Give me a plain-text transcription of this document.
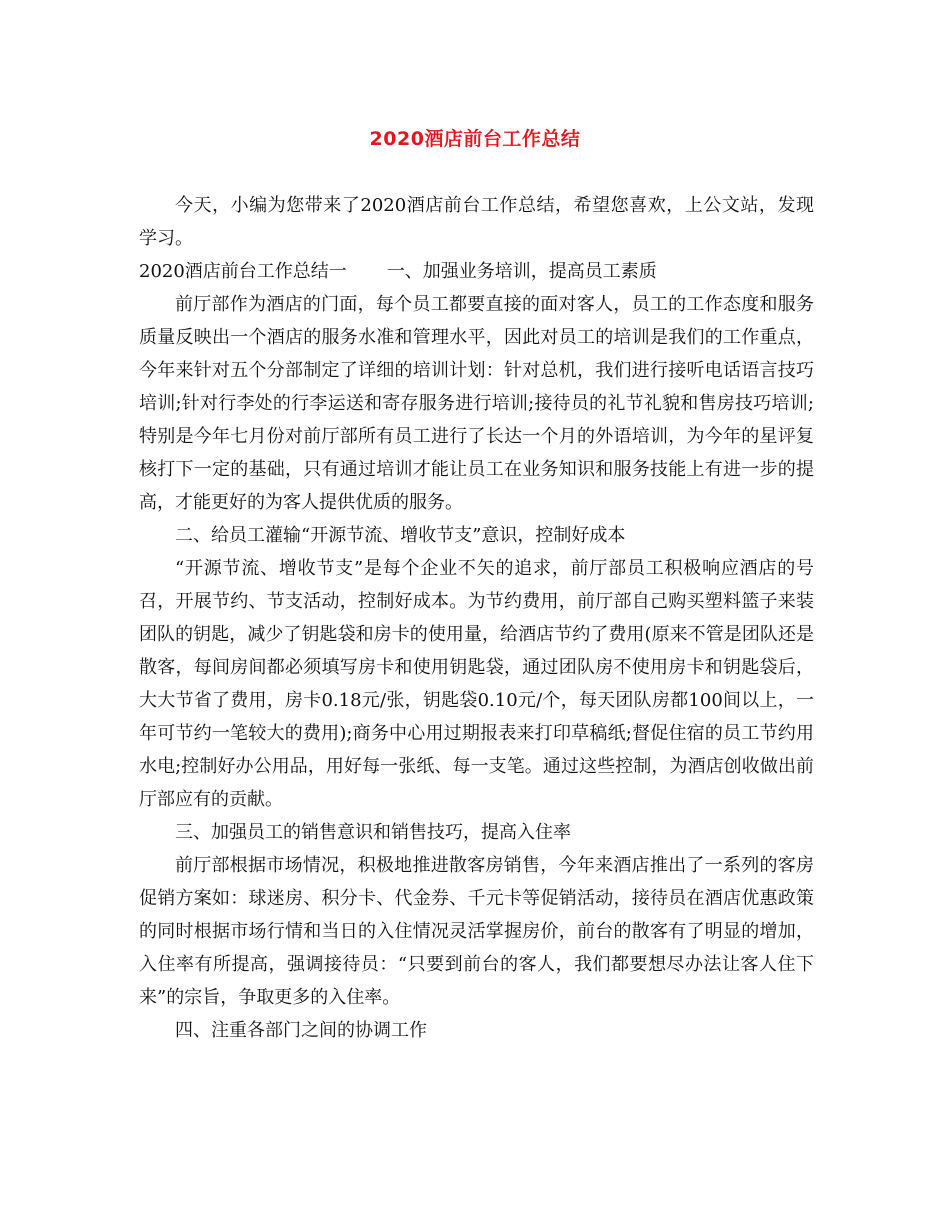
2020酒店前台工作总结

今天，小编为您带来了2020酒店前台工作总结，希望您喜欢，上公文站，发现学习。

2020酒店前台工作总结一 一、加强业务培训，提高员工素质

前厅部作为酒店的门面，每个员工都要直接的面对客人，员工的工作态度和服务质量反映出一个酒店的服务水准和管理水平，因此对员工的培训是我们的工作重点，今年来针对五个分部制定了详细的培训计划：针对总机，我们进行接听电话语言技巧培训;针对行李处的行李运送和寄存服务进行培训;接待员的礼节礼貌和售房技巧培训;特别是今年七月份对前厅部所有员工进行了长达一个月的外语培训，为今年的星评复核打下一定的基础，只有通过培训才能让员工在业务知识和服务技能上有进一步的提高，才能更好的为客人提供优质的服务。

二、给员工灌输“开源节流、增收节支”意识，控制好成本

“开源节流、增收节支”是每个企业不矢的追求，前厅部员工积极响应酒店的号召，开展节约、节支活动，控制好成本。为节约费用，前厅部自己购买塑料篮子来装团队的钥匙，减少了钥匙袋和房卡的使用量，给酒店节约了费用(原来不管是团队还是散客，每间房间都必须填写房卡和使用钥匙袋，通过团队房不使用房卡和钥匙袋后，大大节省了费用，房卡0.18元/张，钥匙袋0.10元/个，每天团队房都100间以上，一年可节约一笔较大的费用);商务中心用过期报表来打印草稿纸;督促住宿的员工节约用水电;控制好办公用品，用好每一张纸、每一支笔。通过这些控制，为酒店创收做出前厅部应有的贡献。

三、加强员工的销售意识和销售技巧，提高入住率

前厅部根据市场情况，积极地推进散客房销售，今年来酒店推出了一系列的客房促销方案如：球迷房、积分卡、代金券、千元卡等促销活动，接待员在酒店优惠政策的同时根据市场行情和当日的入住情况灵活掌握房价，前台的散客有了明显的增加，入住率有所提高，强调接待员：“只要到前台的客人，我们都要想尽办法让客人住下来”的宗旨，争取更多的入住率。

四、注重各部门之间的协调工作
